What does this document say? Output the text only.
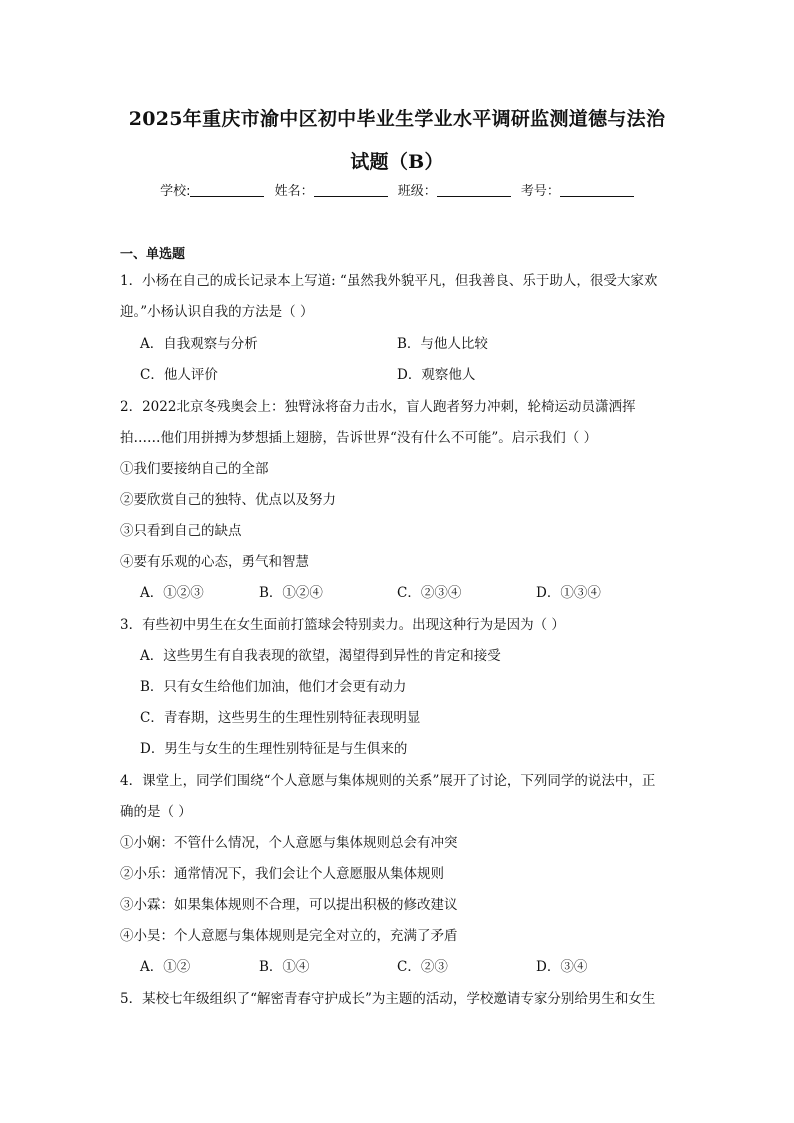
2025年重庆市渝中区初中毕业生学业水平调研监测道德与法治
试题（B）
学校:	姓名：	班级：	考号：
一、单选题
1．小杨在自己的成长记录本上写道: “虽然我外貌平凡，但我善良、乐于助人，很受大家欢
迎。”小杨认识自我的方法是（ ）
A．自我观察与分析	B．与他人比较
C．他人评价	D．观察他人
2．2022北京冬残奥会上：独臂泳将奋力击水，盲人跑者努力冲刺，轮椅运动员潇洒挥
拍……他们用拼搏为梦想插上翅膀，告诉世界“没有什么不可能”。启示我们（ ）
①我们要接纳自己的全部
②要欣赏自己的独特、优点以及努力
③只看到自己的缺点
④要有乐观的心态，勇气和智慧
A．①②③	B．①②④	C．②③④	D．①③④
3．有些初中男生在女生面前打篮球会特别卖力。出现这种行为是因为（ ）
A．这些男生有自我表现的欲望，渴望得到异性的肯定和接受
B．只有女生给他们加油，他们才会更有动力
C．青春期，这些男生的生理性别特征表现明显
D．男生与女生的生理性别特征是与生俱来的
4．课堂上，同学们围绕“个人意愿与集体规则的关系”展开了讨论，下列同学的说法中，正
确的是（ ）
①小娴：不管什么情况，个人意愿与集体规则总会有冲突
②小乐：通常情况下，我们会让个人意愿服从集体规则
③小霖：如果集体规则不合理，可以提出积极的修改建议
④小昊：个人意愿与集体规则是完全对立的，充满了矛盾
A．①②	B．①④	C．②③	D．③④
5．某校七年级组织了“解密青春守护成长”为主题的活动，学校邀请专家分别给男生和女生
